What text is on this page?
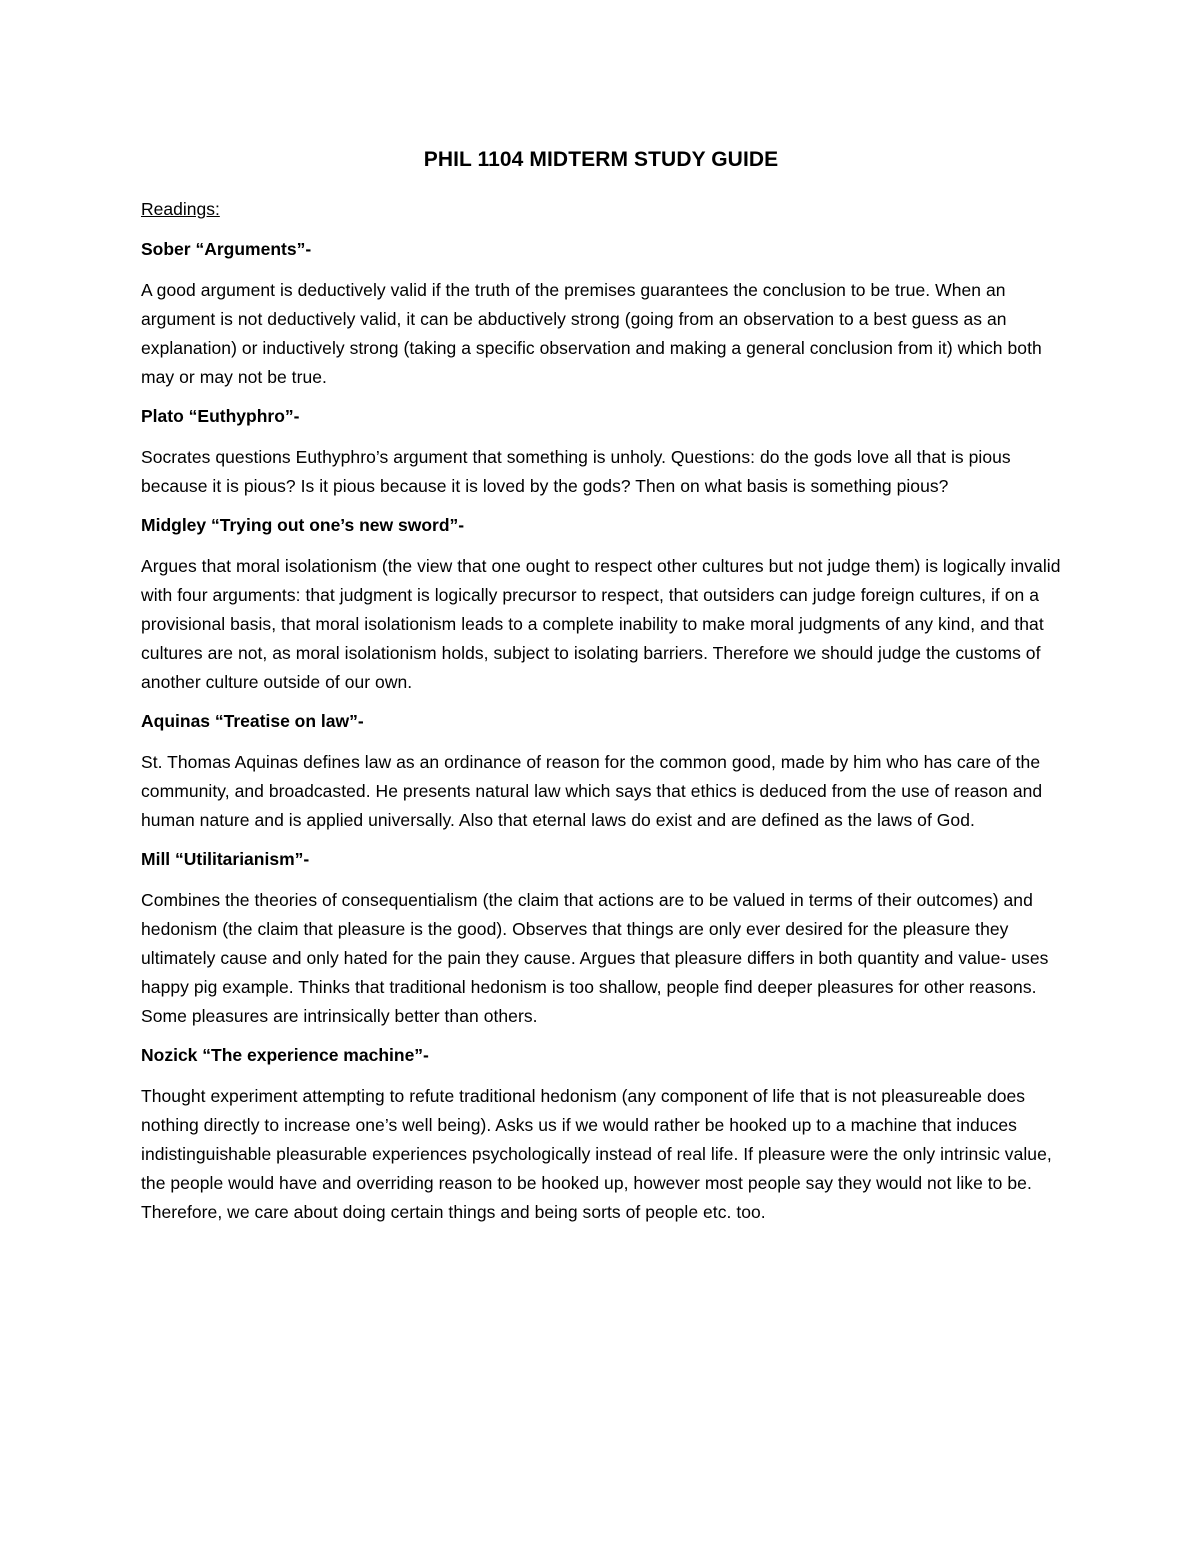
PHIL 1104 MIDTERM STUDY GUIDE
Readings:
Sober “Arguments”-

A good argument is deductively valid if the truth of the premises guarantees the conclusion to be true. When an argument is not deductively valid, it can be abductively strong (going from an observation to a best guess as an explanation) or inductively strong (taking a specific observation and making a general conclusion from it) which both may or may not be true.

Plato “Euthyphro”-

Socrates questions Euthyphro’s argument that something is unholy. Questions: do the gods love all that is pious because it is pious? Is it pious because it is loved by the gods? Then on what basis is something pious?

Midgley “Trying out one’s new sword”-

Argues that moral isolationism (the view that one ought to respect other cultures but not judge them) is logically invalid with four arguments: that judgment is logically precursor to respect, that outsiders can judge foreign cultures, if on a provisional basis, that moral isolationism leads to a complete inability to make moral judgments of any kind, and that cultures are not, as moral isolationism holds, subject to isolating barriers. Therefore we should judge the customs of another culture outside of our own.

Aquinas “Treatise on law”-

St. Thomas Aquinas defines law as an ordinance of reason for the common good, made by him who has care of the community, and broadcasted. He presents natural law which says that ethics is deduced from the use of reason and human nature and is applied universally. Also that eternal laws do exist and are defined as the laws of God.

Mill “Utilitarianism”-

Combines the theories of consequentialism (the claim that actions are to be valued in terms of their outcomes) and hedonism (the claim that pleasure is the good). Observes that things are only ever desired for the pleasure they ultimately cause and only hated for the pain they cause. Argues that pleasure differs in both quantity and value- uses happy pig example. Thinks that traditional hedonism is too shallow, people find deeper pleasures for other reasons. Some pleasures are intrinsically better than others.

Nozick “The experience machine”-

Thought experiment attempting to refute traditional hedonism (any component of life that is not pleasureable does nothing directly to increase one’s well being). Asks us if we would rather be hooked up to a machine that induces indistinguishable pleasurable experiences psychologically instead of real life. If pleasure were the only intrinsic value, the people would have and overriding reason to be hooked up, however most people say they would not like to be. Therefore, we care about doing certain things and being sorts of people etc. too.
